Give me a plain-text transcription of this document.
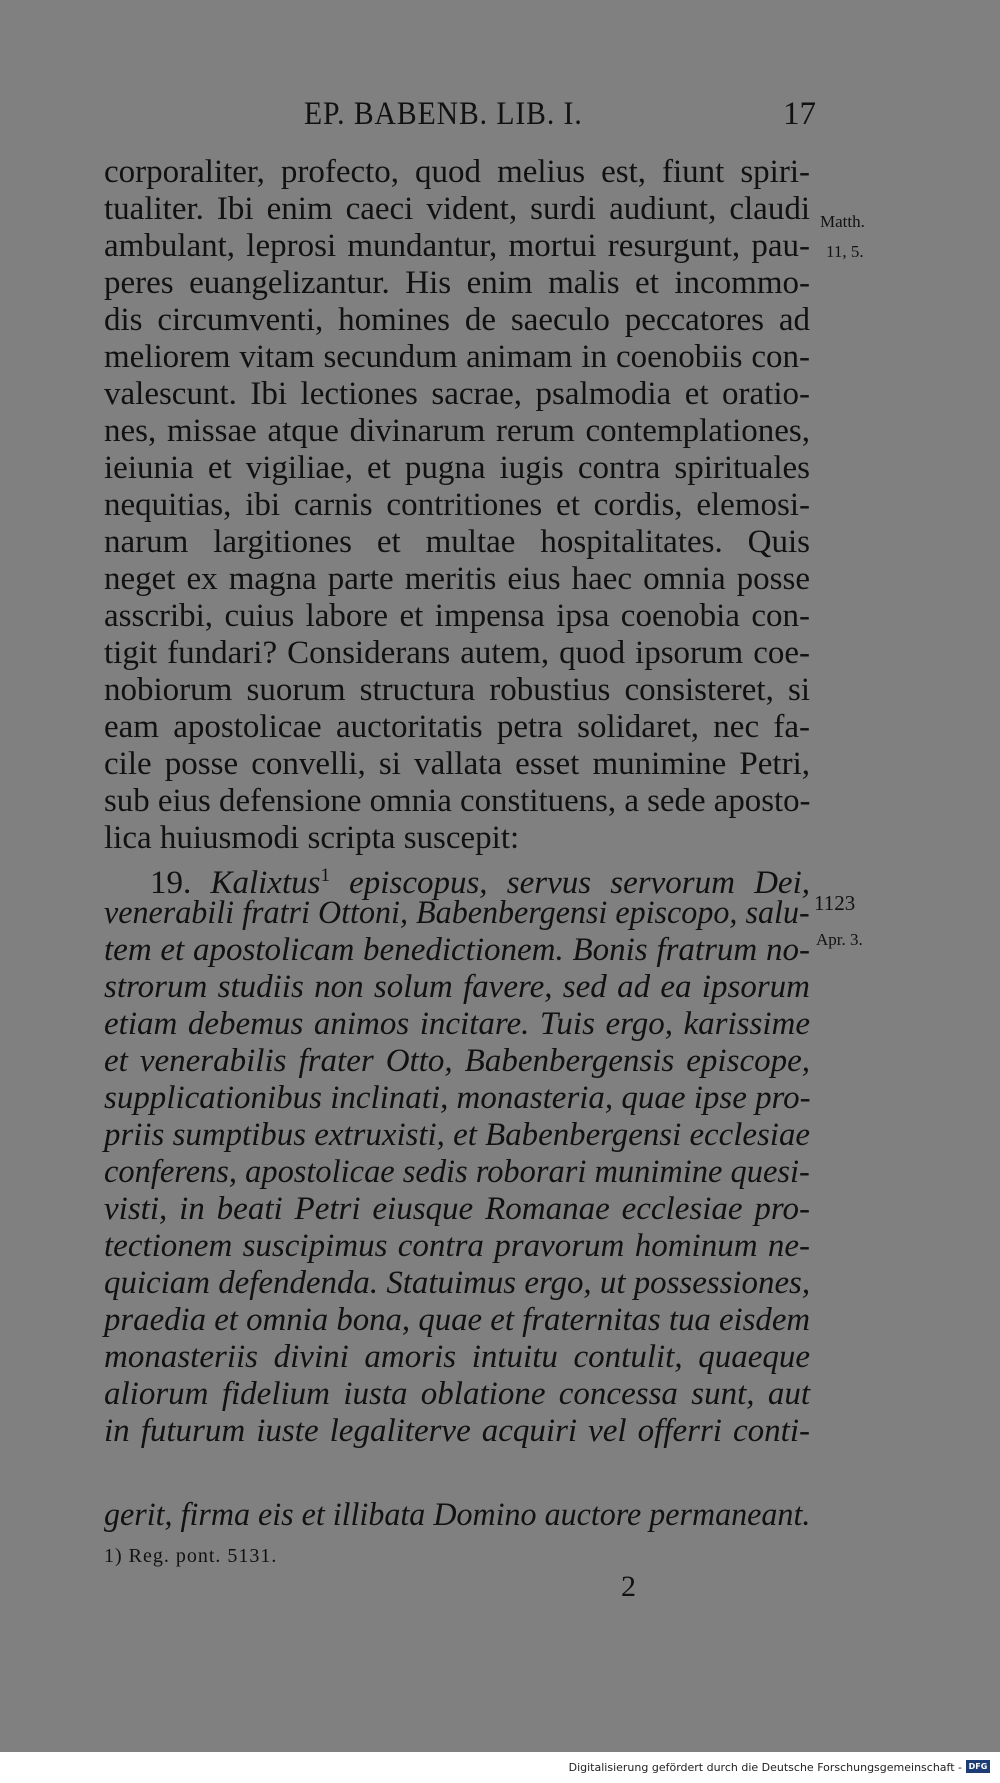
EP. BABENB. LIB. I.	17
corporaliter, profecto, quod melius est, fiunt spiri-
tualiter. Ibi enim caeci vident, surdi audiunt, claudi
ambulant, leprosi mundantur, mortui resurgunt, pau-
peres euangelizantur. His enim malis et incommo-
dis circumventi, homines de saeculo peccatores ad
meliorem vitam secundum animam in coenobiis con-
valescunt. Ibi lectiones sacrae, psalmodia et oratio-
nes, missae atque divinarum rerum contemplationes,
ieiunia et vigiliae, et pugna iugis contra spirituales
nequitias, ibi carnis contritiones et cordis, elemosi-
narum largitiones et multae hospitalitates. Quis
neget ex magna parte meritis eius haec omnia posse
asscribi, cuius labore et impensa ipsa coenobia con-
tigit fundari? Considerans autem, quod ipsorum coe-
nobiorum suorum structura robustius consisteret, si
eam apostolicae auctoritatis petra solidaret, nec fa-
cile posse convelli, si vallata esset munimine Petri,
sub eius defensione omnia constituens, a sede aposto-
lica huiusmodi scripta suscepit:
19. Kalixtus$^1$ episcopus, servus servorum Dei,
venerabili fratri Ottoni, Babenbergensi episcopo, salu-
tem et apostolicam benedictionem. Bonis fratrum no-
strorum studiis non solum favere, sed ad ea ipsorum
etiam debemus animos incitare. Tuis ergo, karissime
et venerabilis frater Otto, Babenbergensis episcope,
supplicationibus inclinati, monasteria, quae ipse pro-
priis sumptibus extruxisti, et Babenbergensi ecclesiae
conferens, apostolicae sedis roborari munimine quesi-
visti, in beati Petri eiusque Romanae ecclesiae pro-
tectionem suscipimus contra pravorum hominum ne-
quiciam defendenda. Statuimus ergo, ut possessiones,
praedia et omnia bona, quae et fraternitas tua eisdem
monasteriis divini amoris intuitu contulit, quaeque
aliorum fidelium iusta oblatione concessa sunt, aut
in futurum iuste legaliterve acquiri vel offerri conti-
gerit, firma eis et illibata Domino auctore permaneant.
Matth.
11, 5.
1123
Apr. 3.
1) Reg. pont. 5131.
2
Digitalisierung gefördert durch die Deutsche Forschungsgemeinschaft - DFG
